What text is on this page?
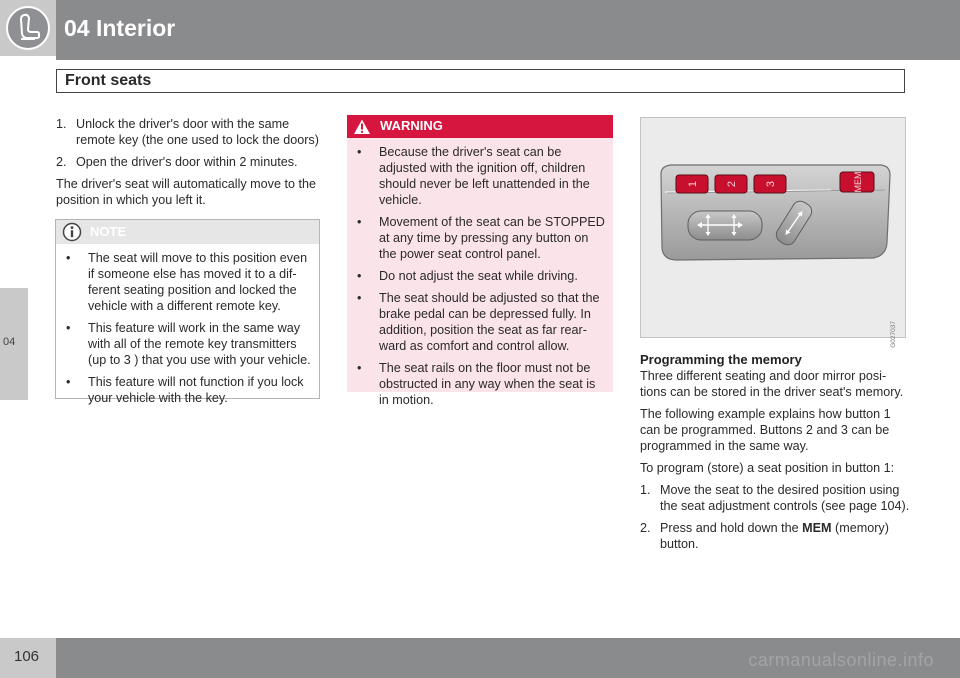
04 Interior
Front seats
04
1. Unlock the driver's door with the same remote key (the one used to lock the doors)
2. Open the driver's door within 2 minutes.
The driver's seat will automatically move to the position in which you left it.
NOTE
• The seat will move to this position even if someone else has moved it to a dif-ferent seating position and locked the vehicle with a different remote key.
• This feature will work in the same way with all of the remote key transmitters (up to 3 ) that you use with your vehicle.
• This feature will not function if you lock your vehicle with the key.
WARNING
• Because the driver's seat can be adjusted with the ignition off, children should never be left unattended in the vehicle.
• Movement of the seat can be STOPPED at any time by pressing any button on the power seat control panel.
• Do not adjust the seat while driving.
• The seat should be adjusted so that the brake pedal can be depressed fully. In addition, position the seat as far rear-ward as comfort and control allow.
• The seat rails on the floor must not be obstructed in any way when the seat is in motion.
1 2 3	MEM
G027037
Programming the memory
Three different seating and door mirror posi-tions can be stored in the driver seat's memory.
The following example explains how button 1 can be programmed. Buttons 2 and 3 can be programmed in the same way.
To program (store) a seat position in button 1:
1. Move the seat to the desired position using the seat adjustment controls (see page 104).
2. Press and hold down the MEM (memory) button.
106	carmanualsonline.info
